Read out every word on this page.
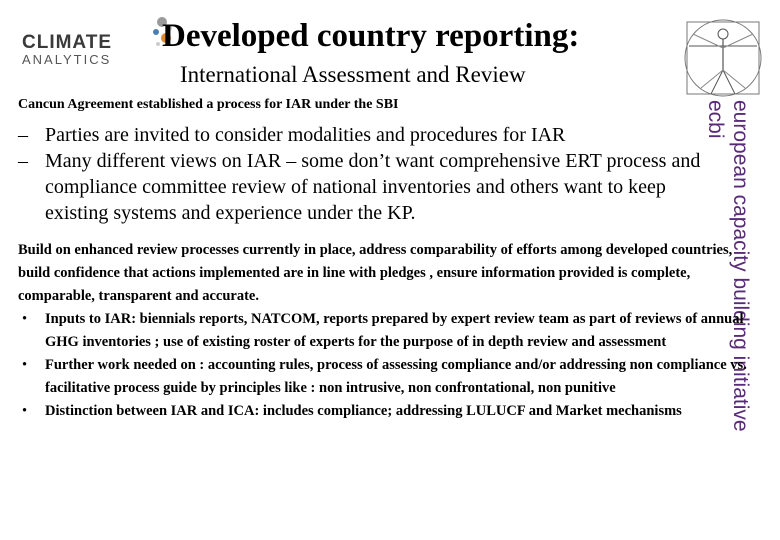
CLIMATE
ANALYTICS
Developed country reporting:
International Assessment and Review
european capacity building initiative
ecbi
Cancun Agreement established a process for IAR under the SBI
– Parties are invited to consider modalities and procedures for IAR
– Many different views on IAR – some don’t want comprehensive ERT process and compliance committee review of national inventories and others want to keep existing systems and experience under the KP.

Build on enhanced review processes currently in place, address comparability of efforts among developed countries, build confidence that actions implemented are in line with pledges , ensure information provided is complete, comparable, transparent and accurate.

• Inputs to IAR: biennials reports, NATCOM, reports prepared by expert review team as part of reviews of annual GHG inventories ; use of existing roster of experts for the purpose of in depth review and assessment
• Further work needed on : accounting rules, process of assessing compliance and/or addressing non compliance vs. facilitative process guide by principles like : non intrusive, non confrontational, non punitive
• Distinction between IAR and ICA: includes compliance; addressing LULUCF and Market mechanisms
